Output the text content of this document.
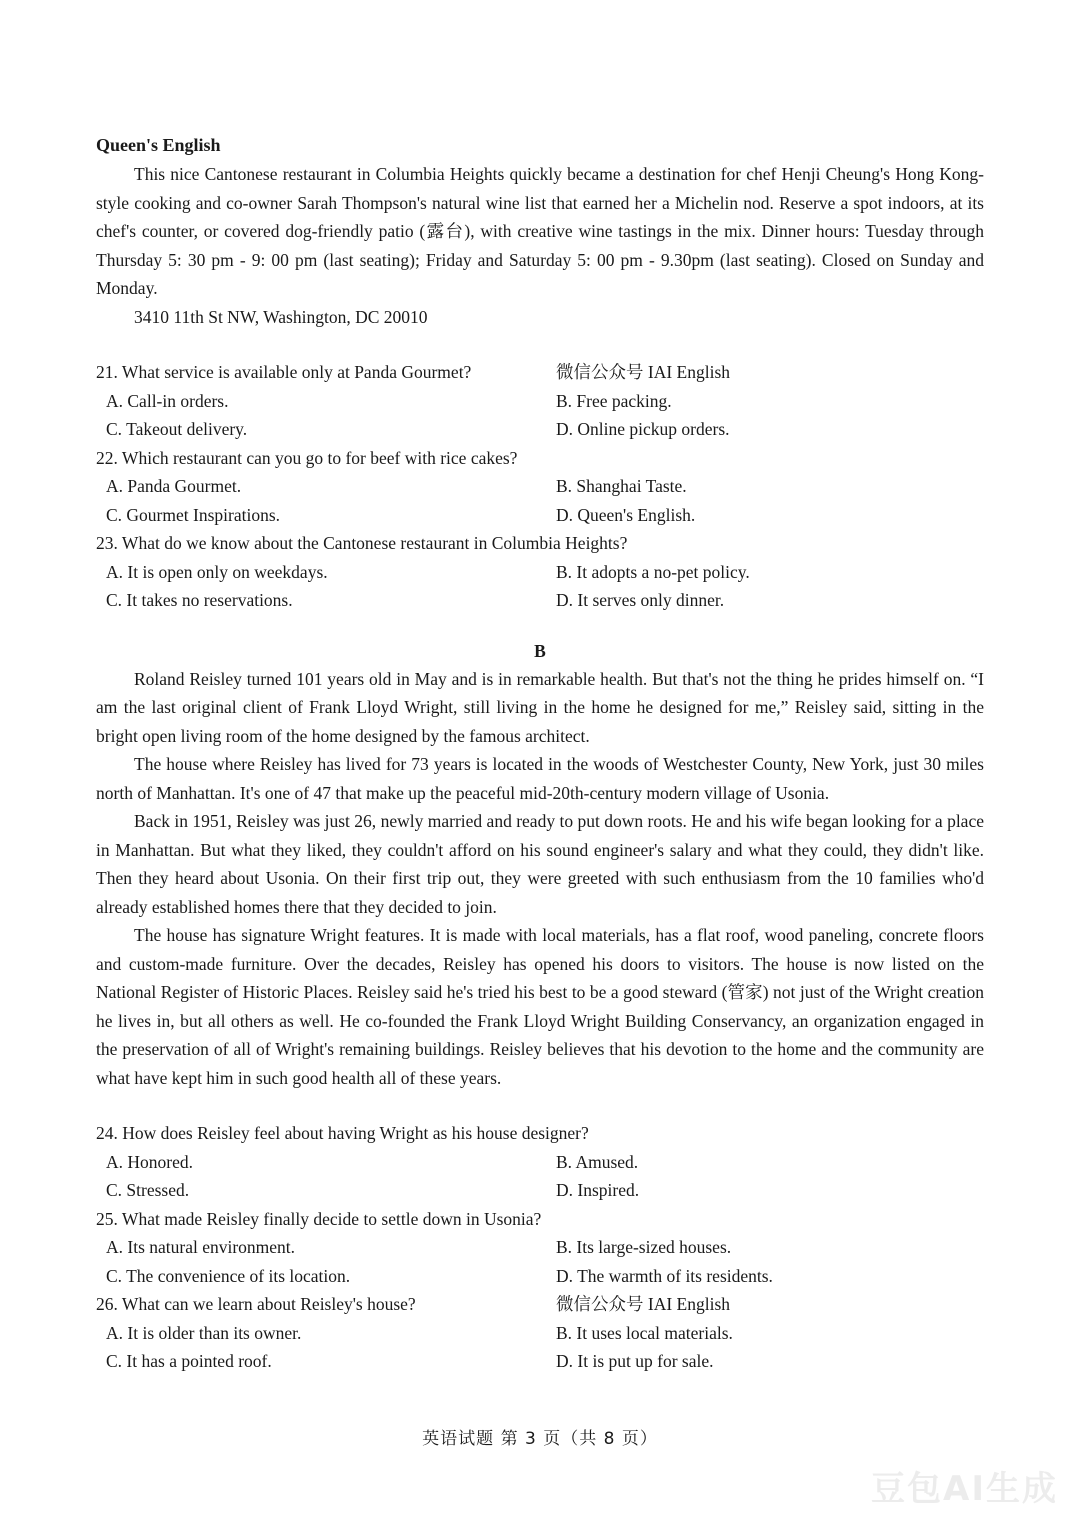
Queen's English

This nice Cantonese restaurant in Columbia Heights quickly became a destination for chef Henji Cheung's Hong Kong-style cooking and co-owner Sarah Thompson's natural wine list that earned her a Michelin nod. Reserve a spot indoors, at its chef's counter, or covered dog-friendly patio (露台), with creative wine tastings in the mix. Dinner hours: Tuesday through Thursday 5: 30 pm - 9: 00 pm (last seating); Friday and Saturday 5: 00 pm - 9.30pm (last seating). Closed on Sunday and Monday.

3410 11th St NW, Washington, DC 20010

21. What service is available only at Panda Gourmet?	微信公众号 IAI English
A. Call-in orders.	B. Free packing.
C. Takeout delivery.	D. Online pickup orders.
22. Which restaurant can you go to for beef with rice cakes?
A. Panda Gourmet.	B. Shanghai Taste.
C. Gourmet Inspirations.	D. Queen's English.
23. What do we know about the Cantonese restaurant in Columbia Heights?
A. It is open only on weekdays.	B. It adopts a no-pet policy.
C. It takes no reservations.	D. It serves only dinner.

B

Roland Reisley turned 101 years old in May and is in remarkable health. But that's not the thing he prides himself on. “I am the last original client of Frank Lloyd Wright, still living in the home he designed for me,” Reisley said, sitting in the bright open living room of the home designed by the famous architect.

The house where Reisley has lived for 73 years is located in the woods of Westchester County, New York, just 30 miles north of Manhattan. It's one of 47 that make up the peaceful mid-20th-century modern village of Usonia.

Back in 1951, Reisley was just 26, newly married and ready to put down roots. He and his wife began looking for a place in Manhattan. But what they liked, they couldn't afford on his sound engineer's salary and what they could, they didn't like. Then they heard about Usonia. On their first trip out, they were greeted with such enthusiasm from the 10 families who'd already established homes there that they decided to join.

The house has signature Wright features. It is made with local materials, has a flat roof, wood paneling, concrete floors and custom-made furniture. Over the decades, Reisley has opened his doors to visitors. The house is now listed on the National Register of Historic Places. Reisley said he's tried his best to be a good steward (管家) not just of the Wright creation he lives in, but all others as well. He co-founded the Frank Lloyd Wright Building Conservancy, an organization engaged in the preservation of all of Wright's remaining buildings. Reisley believes that his devotion to the home and the community are what have kept him in such good health all of these years.

24. How does Reisley feel about having Wright as his house designer?
A. Honored.	B. Amused.
C. Stressed.	D. Inspired.
25. What made Reisley finally decide to settle down in Usonia?
A. Its natural environment.	B. Its large-sized houses.
C. The convenience of its location.	D. The warmth of its residents.
26. What can we learn about Reisley's house?	微信公众号 IAI English
A. It is older than its owner.	B. It uses local materials.
C. It has a pointed roof.	D. It is put up for sale.
英语试题 第 3 页（共 8 页）
豆包AI生成
